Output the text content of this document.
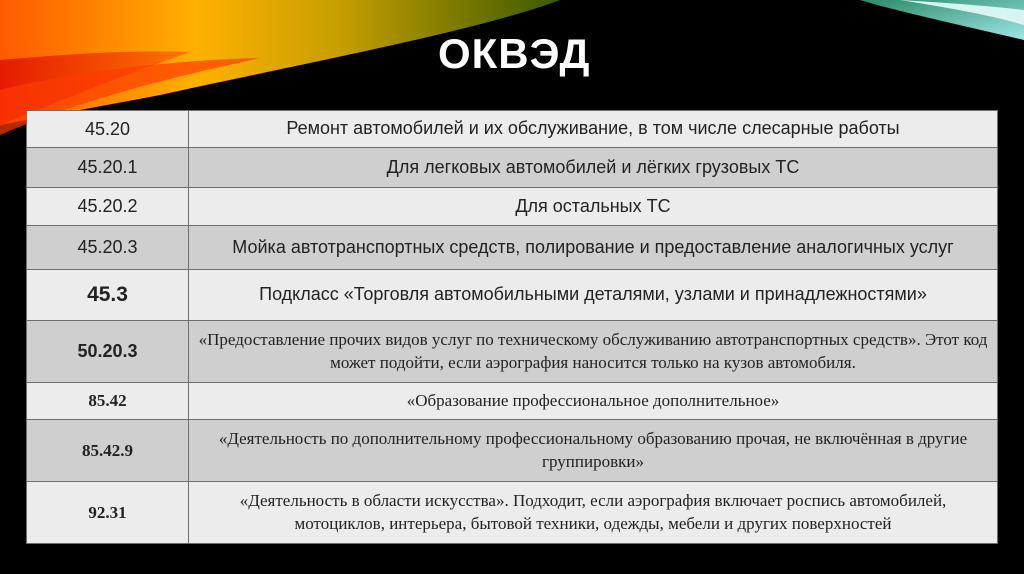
ОКВЭД
45.20	Ремонт автомобилей и их обслуживание, в том числе слесарные работы
45.20.1	Для легковых автомобилей и лёгких грузовых ТС
45.20.2	Для остальных ТС
45.20.3	Мойка автотранспортных средств, полирование и предоставление аналогичных услуг
45.3	Подкласс «Торговля автомобильными деталями, узлами и принадлежностями»
50.20.3	«Предоставление прочих видов услуг по техническому обслуживанию автотранспортных средств». Этот код может подойти, если аэрография наносится только на кузов автомобиля.
85.42	«Образование профессиональное дополнительное»
85.42.9	«Деятельность по дополнительному профессиональному образованию прочая, не включённая в другие группировки»
92.31	«Деятельность в области искусства». Подходит, если аэрография включает роспись автомобилей, мотоциклов, интерьера, бытовой техники, одежды, мебели и других поверхностей
